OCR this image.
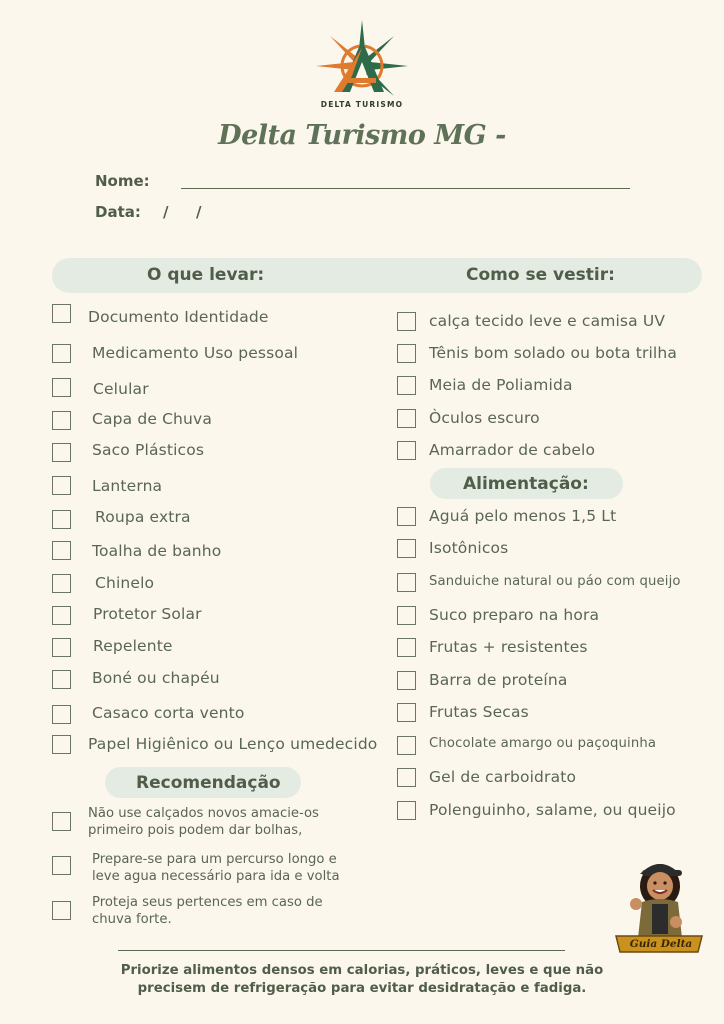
DELTA TURISMO
Delta Turismo MG -
Nome:
Data: / /
O que levar:	Como se vestir:
Documento Identidade
Medicamento Uso pessoal
Celular
Capa de Chuva
Saco Plásticos
Lanterna
Roupa extra
Toalha de banho
Chinelo
Protetor Solar
Repelente
Boné ou chapéu
Casaco corta vento
Papel Higiênico ou Lenço umedecido
Recomendação
Não use calçados novos amacie-os
primeiro pois podem dar bolhas,
Prepare-se para um percurso longo e
leve agua necessário para ida e volta
Proteja seus pertences em caso de
chuva forte.
calça tecido leve e camisa UV
Tênis bom solado ou bota trilha
Meia de Poliamida
Òculos escuro
Amarrador de cabelo
Alimentação:
Aguá pelo menos 1,5 Lt
Isotônicos
Sanduiche natural ou páo com queijo
Suco preparo na hora
Frutas + resistentes
Barra de proteína
Frutas Secas
Chocolate amargo ou paçoquinha
Gel de carboidrato
Polenguinho, salame, ou queijo
Guia Delta
Priorize alimentos densos em calorias, práticos, leves e que não
precisem de refrigeração para evitar desidratação e fadiga.
